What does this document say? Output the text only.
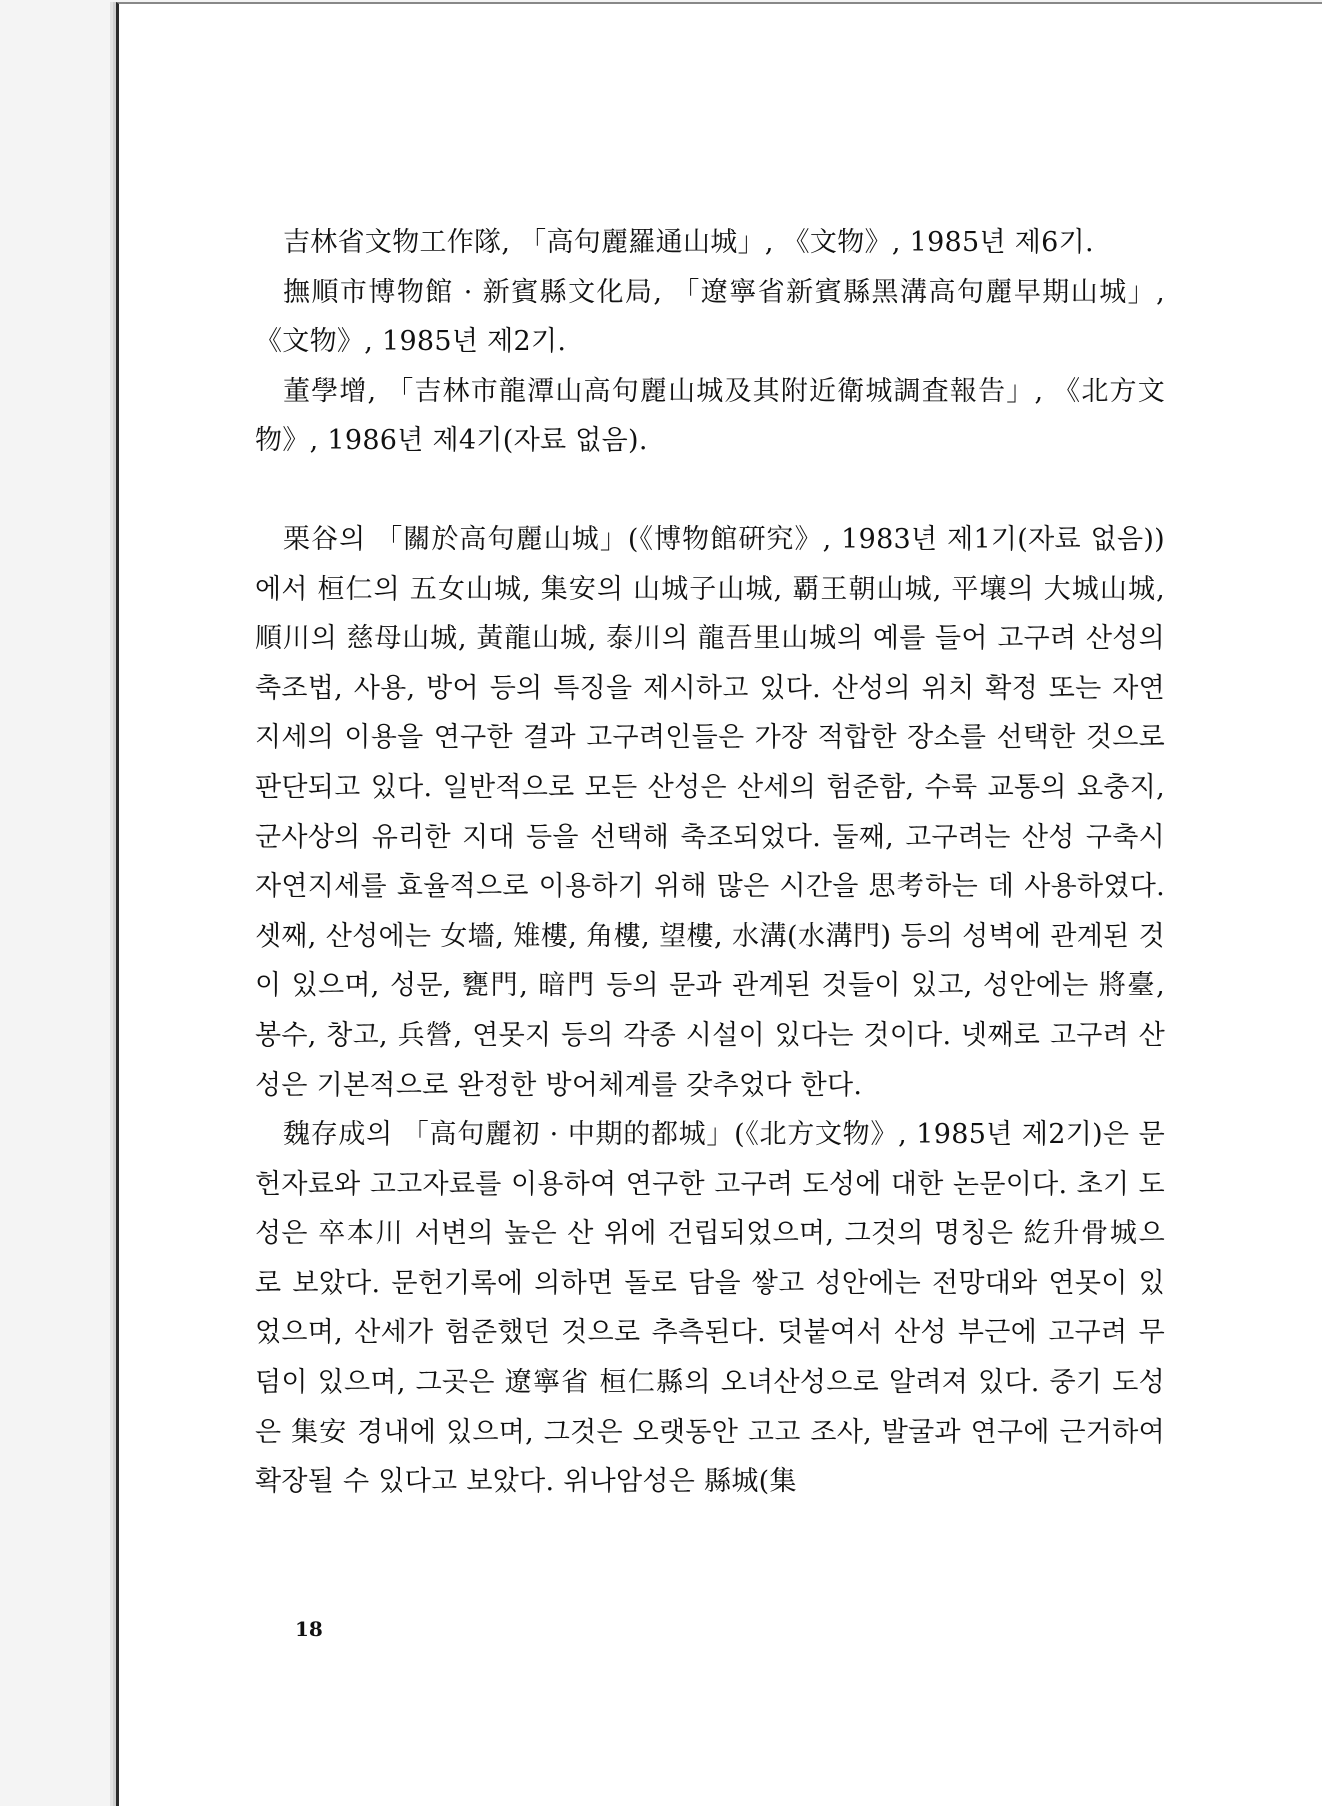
吉林省文物工作隊, 「高句麗羅通山城」, 《文物》, 1985년 제6기.

撫順市博物館 · 新賓縣文化局, 「遼寧省新賓縣黑溝高句麗早期山城」, 《文物》, 1985년 제2기.

董學增, 「吉林市龍潭山高句麗山城及其附近衛城調査報告」, 《北方文物》, 1986년 제4기(자료 없음).

栗谷의 「關於高句麗山城」(《博物館硏究》, 1983년 제1기(자료 없음))에서 桓仁의 五女山城, 集安의 山城子山城, 覇王朝山城, 平壤의 大城山城, 順川의 慈母山城, 黃龍山城, 泰川의 龍吾里山城의 예를 들어 고구려 산성의 축조법, 사용, 방어 등의 특징을 제시하고 있다. 산성의 위치 확정 또는 자연지세의 이용을 연구한 결과 고구려인들은 가장 적합한 장소를 선택한 것으로 판단되고 있다. 일반적으로 모든 산성은 산세의 험준함, 수륙 교통의 요충지, 군사상의 유리한 지대 등을 선택해 축조되었다. 둘째, 고구려는 산성 구축시 자연지세를 효율적으로 이용하기 위해 많은 시간을 思考하는 데 사용하였다. 셋째, 산성에는 女墻, 雉樓, 角樓, 望樓, 水溝(水溝門) 등의 성벽에 관계된 것이 있으며, 성문, 甕門, 暗門 등의 문과 관계된 것들이 있고, 성안에는 將臺, 봉수, 창고, 兵營, 연못지 등의 각종 시설이 있다는 것이다. 넷째로 고구려 산성은 기본적으로 완정한 방어체계를 갖추었다 한다.

魏存成의 「高句麗初 · 中期的都城」(《北方文物》, 1985년 제2기)은 문헌자료와 고고자료를 이용하여 연구한 고구려 도성에 대한 논문이다. 초기 도성은 卒本川 서변의 높은 산 위에 건립되었으며, 그것의 명칭은 紇升骨城으로 보았다. 문헌기록에 의하면 돌로 담을 쌓고 성안에는 전망대와 연못이 있었으며, 산세가 험준했던 것으로 추측된다. 덧붙여서 산성 부근에 고구려 무덤이 있으며, 그곳은 遼寧省 桓仁縣의 오녀산성으로 알려져 있다. 중기 도성은 集安 경내에 있으며, 그것은 오랫동안 고고 조사, 발굴과 연구에 근거하여 확장될 수 있다고 보았다. 위나암성은 縣城(集

18
